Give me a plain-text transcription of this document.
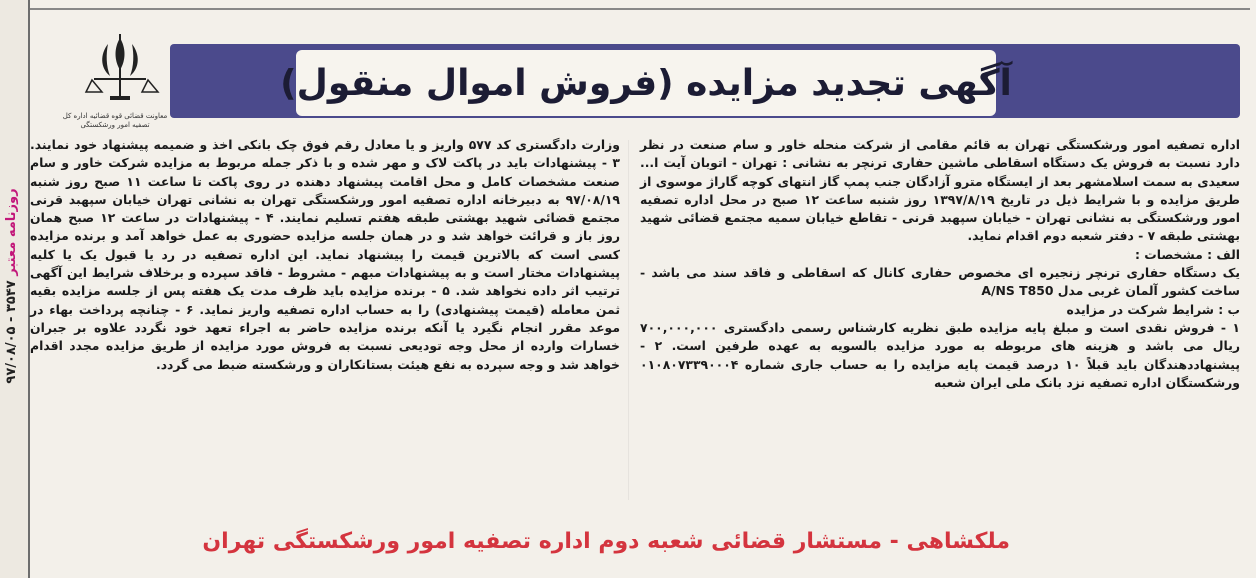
روزنامه معتبر ۳۵۴۷ - ۹۷/۰۸/۰۵
آگهی تجدید مزایده (فروش اموال منقول)
معاونت قضائی قوه قضائیه اداره کل تصفیه امور ورشکستگی

اداره تصفیه امور ورشکستگی تهران به قائم مقامی از شرکت منحله خاور و سام صنعت در نظر دارد نسبت به فروش یک دستگاه اسقاطی ماشین حفاری ترنچر به نشانی : تهران - اتوبان آیت ا... سعیدی به سمت اسلامشهر بعد از ایستگاه مترو آزادگان جنب پمپ گاز انتهای کوچه گاراژ موسوی از طریق مزایده و با شرایط ذیل در تاریخ ۱۳۹۷/۸/۱۹ روز شنبه ساعت ۱۲ صبح در محل اداره تصفیه امور ورشکستگی به نشانی تهران - خیابان سپهبد قرنی - تقاطع خیابان سمیه مجتمع قضائی شهید بهشتی طبقه ۷ - دفتر شعبه دوم اقدام نماید.

الف : مشخصات :

یک دستگاه حفاری ترنچر زنجیره ای مخصوص حفاری کانال که اسقاطی و فاقد سند می باشد - ساخت کشور آلمان غربی مدل A/NS T850

ب : شرایط شرکت در مزایده

۱ - فروش نقدی است و مبلغ پایه مزایده طبق نظریه کارشناس رسمی دادگستری ۷۰۰,۰۰۰,۰۰۰ ریال می باشد و هزینه های مربوطه به مورد مزایده بالسویه به عهده طرفین است. ۲ - پیشنهاددهندگان باید قبلاً ۱۰ درصد قیمت پایه مزایده را به حساب جاری شماره ۰۱۰۸۰۷۳۳۹۰۰۰۴ ورشکستگان اداره تصفیه نزد بانک ملی ایران شعبه

وزارت دادگستری کد ۵۷۷ واریز و یا معادل رقم فوق چک بانکی اخذ و ضمیمه پیشنهاد خود نمایند. ۳ - پیشنهادات باید در پاکت لاک و مهر شده و با ذکر جمله مربوط به مزایده شرکت خاور و سام صنعت مشخصات کامل و محل اقامت پیشنهاد دهنده در روی پاکت تا ساعت ۱۱ صبح روز شنبه ۹۷/۰۸/۱۹ به دبیرخانه اداره تصفیه امور ورشکستگی تهران به نشانی تهران خیابان سپهبد قرنی مجتمع قضائی شهید بهشتی طبقه هفتم تسلیم نمایند. ۴ - پیشنهادات در ساعت ۱۲ صبح همان روز باز و قرائت خواهد شد و در همان جلسه مزایده حضوری به عمل خواهد آمد و برنده مزایده کسی است که بالاترین قیمت را پیشنهاد نماید. این اداره تصفیه در رد یا قبول یک یا کلیه پیشنهادات مختار است و به پیشنهادات مبهم - مشروط - فاقد سپرده و برخلاف شرایط این آگهی ترتیب اثر داده نخواهد شد. ۵ - برنده مزایده باید ظرف مدت یک هفته پس از جلسه مزایده بقیه ثمن معامله (قیمت پیشنهادی) را به حساب اداره تصفیه واریز نماید. ۶ - چنانچه پرداخت بهاء در موعد مقرر انجام نگیرد یا آنکه برنده مزایده حاضر به اجراء تعهد خود نگردد علاوه بر جبران خسارات وارده از محل وجه تودیعی نسبت به فروش مورد مزایده از طریق مزایده مجدد اقدام خواهد شد و وجه سپرده به نفع هیئت بستانکاران و ورشکسته ضبط می گردد.

ملکشاهی - مستشار قضائی شعبه دوم اداره تصفیه امور ورشکستگی تهران
